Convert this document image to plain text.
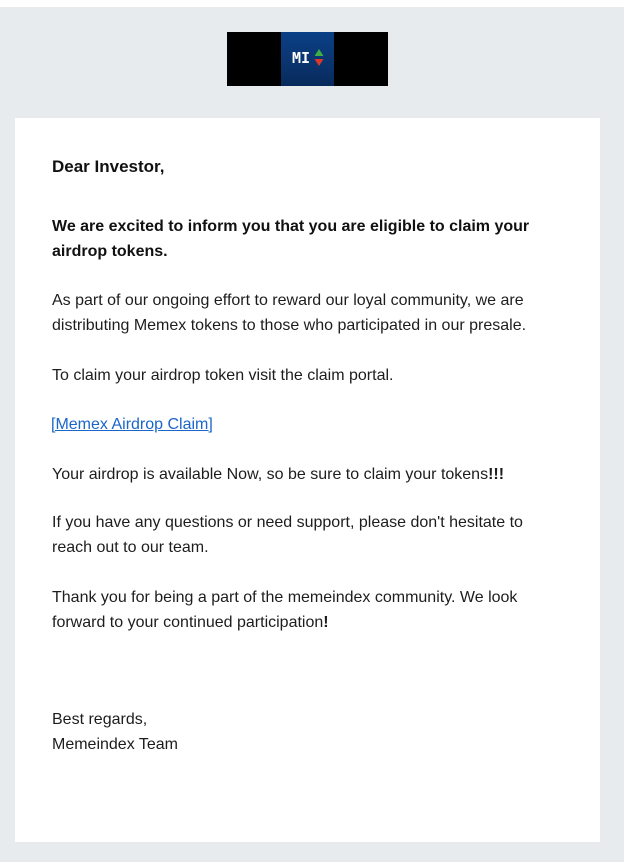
MI

Dear Investor,

We are excited to inform you that you are eligible to claim your airdrop tokens.

As part of our ongoing effort to reward our loyal community, we are distributing Memex tokens to those who participated in our presale.

To claim your airdrop token visit the claim portal.

[Memex Airdrop Claim]

Your airdrop is available Now, so be sure to claim your tokens!!!

If you have any questions or need support, please don't hesitate to reach out to our team.

Thank you for being a part of the memeindex community. We look forward to your continued participation!

Best regards,

Memeindex Team
